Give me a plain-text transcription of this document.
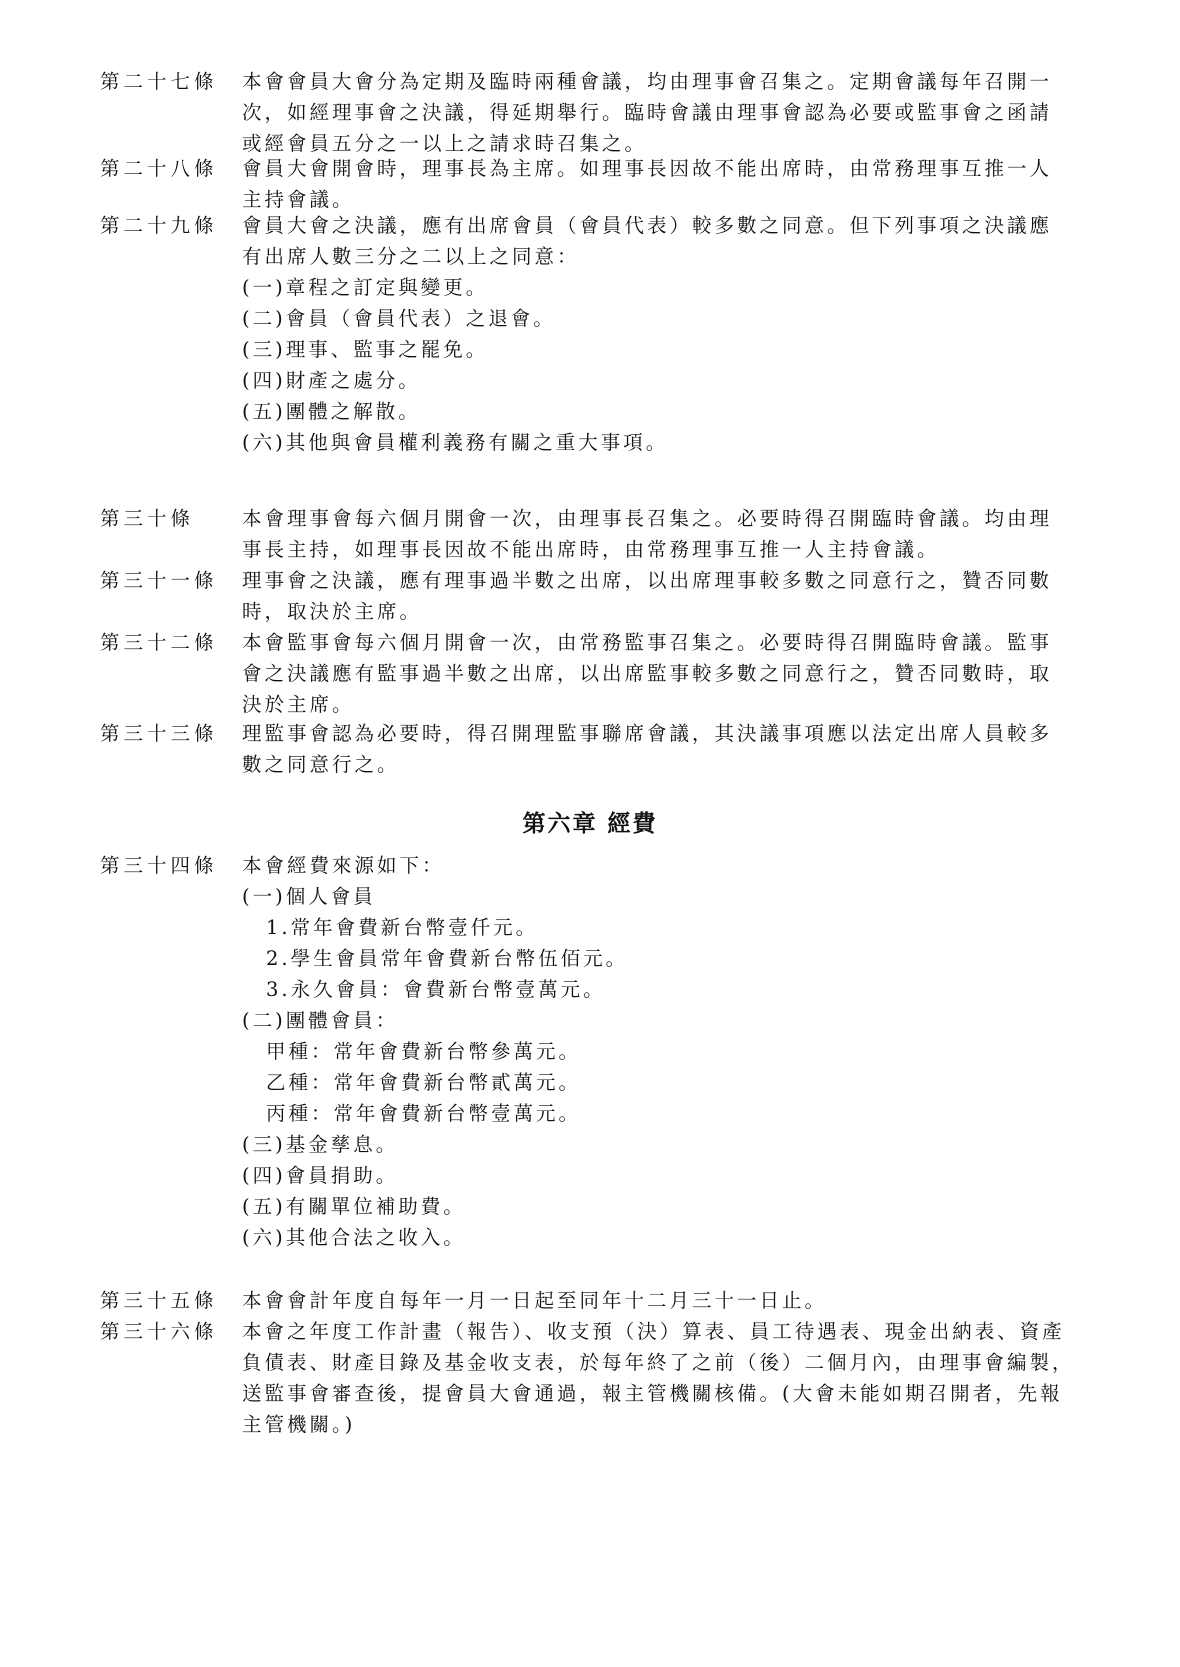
第二十七條	本會會員大會分為定期及臨時兩種會議，均由理事會召集之。定期會議每年召開一
次，如經理事會之決議，得延期舉行。臨時會議由理事會認為必要或監事會之函請
或經會員五分之一以上之請求時召集之。
第二十八條	會員大會開會時，理事長為主席。如理事長因故不能出席時，由常務理事互推一人
主持會議。
第二十九條	會員大會之決議，應有出席會員（會員代表）較多數之同意。但下列事項之決議應
有出席人數三分之二以上之同意：
(一)章程之訂定與變更。
(二)會員（會員代表）之退會。
(三)理事、監事之罷免。
(四)財產之處分。
(五)團體之解散。
(六)其他與會員權利義務有關之重大事項。
第三十條	本會理事會每六個月開會一次，由理事長召集之。必要時得召開臨時會議。均由理
事長主持，如理事長因故不能出席時，由常務理事互推一人主持會議。
第三十一條	理事會之決議，應有理事過半數之出席，以出席理事較多數之同意行之，贊否同數
時，取決於主席。
第三十二條	本會監事會每六個月開會一次，由常務監事召集之。必要時得召開臨時會議。監事
會之決議應有監事過半數之出席，以出席監事較多數之同意行之，贊否同數時，取
決於主席。
第三十三條	理監事會認為必要時，得召開理監事聯席會議，其決議事項應以法定出席人員較多
數之同意行之。
第六章 經費
第三十四條	本會經費來源如下：
(一)個人會員
1.常年會費新台幣壹仟元。
2.學生會員常年會費新台幣伍佰元。
3.永久會員：會費新台幣壹萬元。
(二)團體會員：
甲種：常年會費新台幣參萬元。
乙種：常年會費新台幣貳萬元。
丙種：常年會費新台幣壹萬元。
(三)基金孳息。
(四)會員捐助。
(五)有關單位補助費。
(六)其他合法之收入。
第三十五條	本會會計年度自每年一月一日起至同年十二月三十一日止。
第三十六條	本會之年度工作計畫（報告）、收支預（決）算表、員工待遇表、現金出納表、資產
負債表、財產目錄及基金收支表，於每年終了之前（後）二個月內，由理事會編製，
送監事會審查後，提會員大會通過，報主管機關核備。(大會未能如期召開者，先報
主管機關。)
